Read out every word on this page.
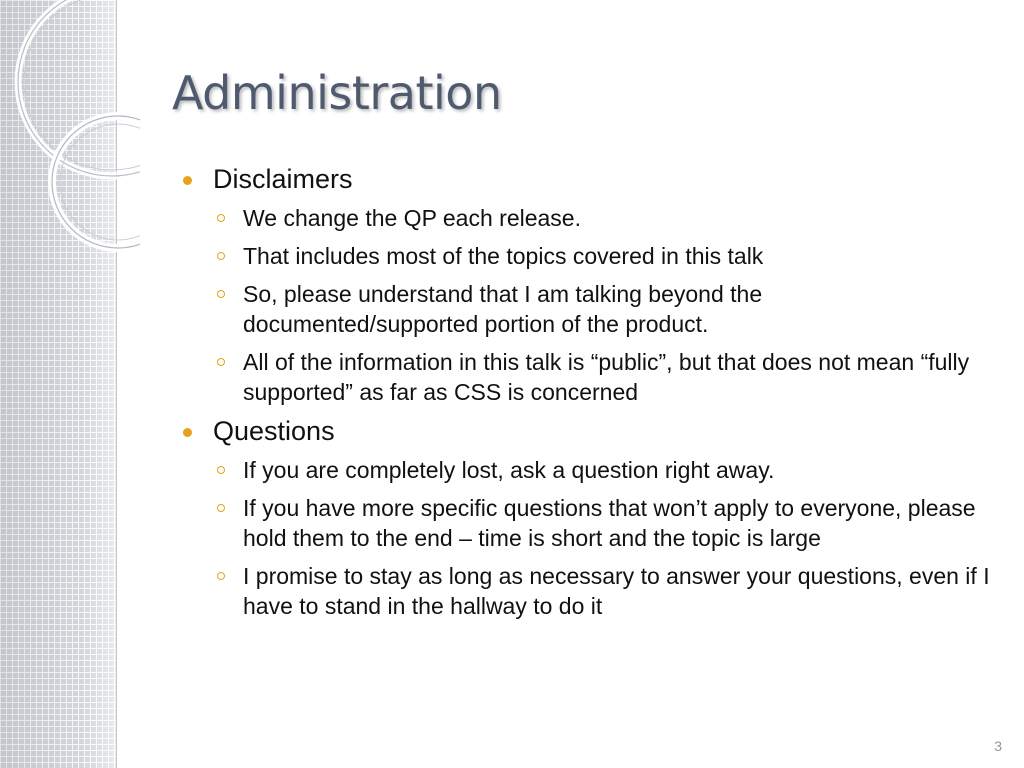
Administration
Disclaimers
We change the QP each release.
That includes most of the topics covered in this talk
So, please understand that I am talking beyond the documented/supported portion of the product.
All of the information in this talk is “public”, but that does not mean “fully supported” as far as CSS is concerned
Questions
If you are completely lost, ask a question right away.
If you have more specific questions that won’t apply to everyone, please hold them to the end – time is short and the topic is large
I promise to stay as long as necessary to answer your questions, even if I have to stand in the hallway to do it
3
